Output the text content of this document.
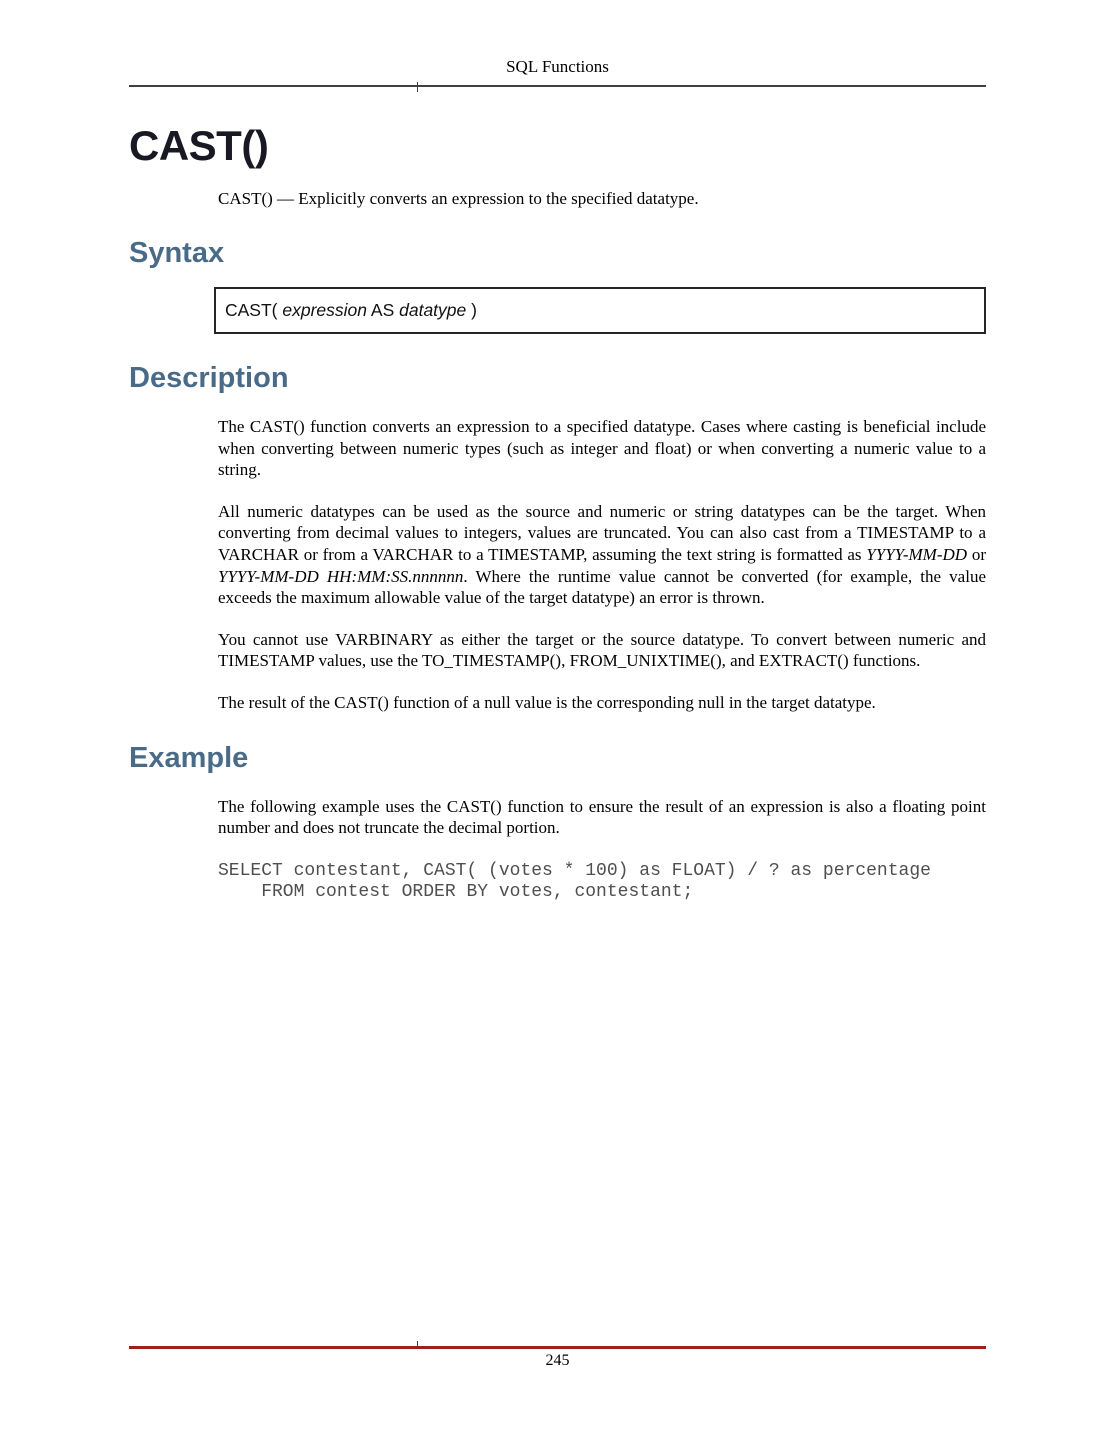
SQL Functions
CAST()

CAST() — Explicitly converts an expression to the specified datatype.

Syntax
CAST( expression AS datatype )
Description

The CAST() function converts an expression to a specified datatype. Cases where casting is beneficial include when converting between numeric types (such as integer and float) or when converting a numeric value to a string.

All numeric datatypes can be used as the source and numeric or string datatypes can be the target. When converting from decimal values to integers, values are truncated. You can also cast from a TIMESTAMP to a VARCHAR or from a VARCHAR to a TIMESTAMP, assuming the text string is formatted as YYYY-MM-DD or YYYY-MM-DD HH:MM:SS.nnnnnn. Where the runtime value cannot be converted (for example, the value exceeds the maximum allowable value of the target datatype) an error is thrown.

You cannot use VARBINARY as either the target or the source datatype. To convert between numeric and TIMESTAMP values, use the TO_TIMESTAMP(), FROM_UNIXTIME(), and EXTRACT() functions.

The result of the CAST() function of a null value is the corresponding null in the target datatype.

Example

The following example uses the CAST() function to ensure the result of an expression is also a floating point number and does not truncate the decimal portion.

SELECT contestant, CAST( (votes * 100) as FLOAT) / ? as percentage
FROM contest ORDER BY votes, contestant;
245
